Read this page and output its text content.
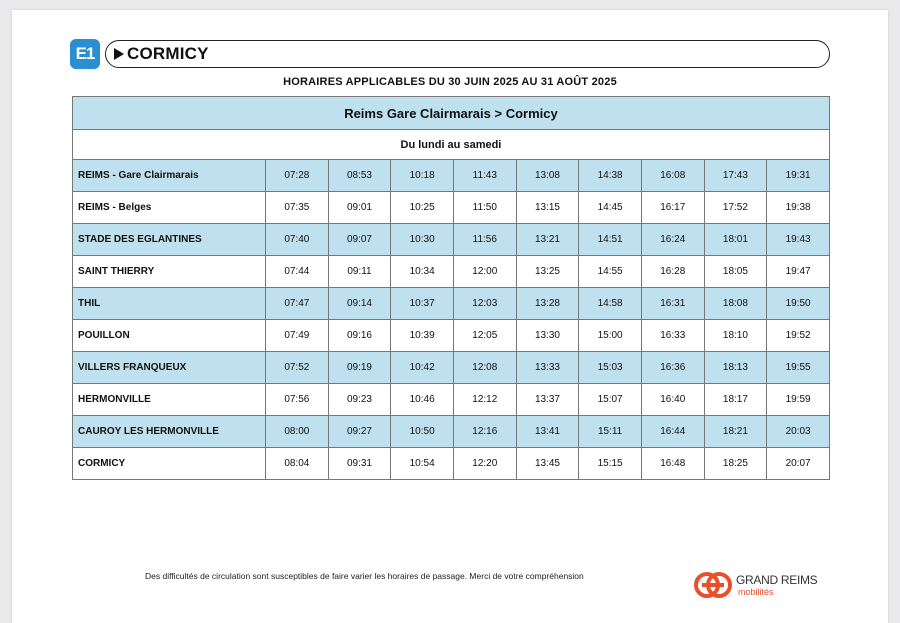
E1	CORMICY
HORAIRES APPLICABLES DU 30 JUIN 2025 AU 31 AOÛT 2025
Reims Gare Clairmarais > Cormicy									
Du lundi au samedi									
REIMS - Gare Clairmarais	07:28	08:53	10:18	11:43	13:08	14:38	16:08	17:43	19:31
REIMS - Belges	07:35	09:01	10:25	11:50	13:15	14:45	16:17	17:52	19:38
STADE DES EGLANTINES	07:40	09:07	10:30	11:56	13:21	14:51	16:24	18:01	19:43
SAINT THIERRY	07:44	09:11	10:34	12:00	13:25	14:55	16:28	18:05	19:47
THIL	07:47	09:14	10:37	12:03	13:28	14:58	16:31	18:08	19:50
POUILLON	07:49	09:16	10:39	12:05	13:30	15:00	16:33	18:10	19:52
VILLERS FRANQUEUX	07:52	09:19	10:42	12:08	13:33	15:03	16:36	18:13	19:55
HERMONVILLE	07:56	09:23	10:46	12:12	13:37	15:07	16:40	18:17	19:59
CAUROY LES HERMONVILLE	08:00	09:27	10:50	12:16	13:41	15:11	16:44	18:21	20:03
CORMICY	08:04	09:31	10:54	12:20	13:45	15:15	16:48	18:25	20:07
Des difficultés de circulation sont susceptibles de faire varier les horaires de passage. Merci de votre compréhension	GRAND REIMS
mobilités
